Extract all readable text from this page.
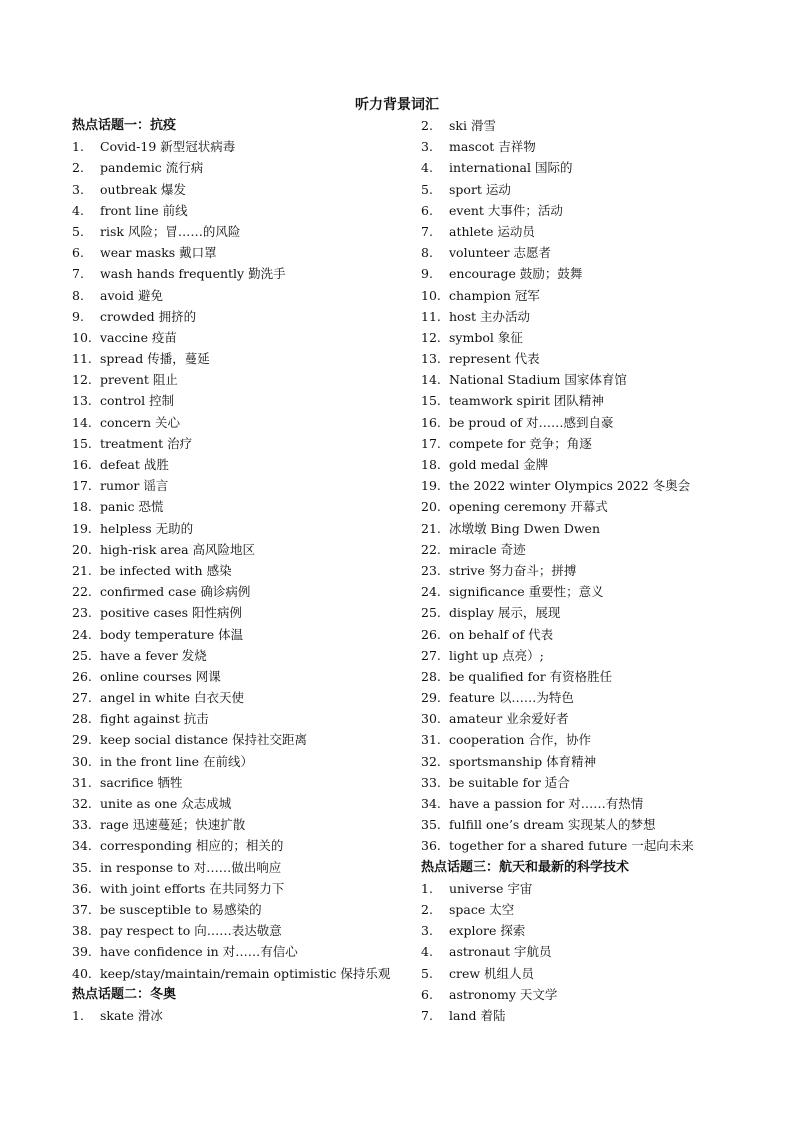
听力背景词汇
热点话题一：抗疫
1.	Covid-19 新型冠状病毒
2.	pandemic 流行病
3.	outbreak 爆发
4.	front line 前线
5.	risk 风险；冒……的风险
6.	wear masks 戴口罩
7.	wash hands frequently 勤洗手
8.	avoid 避免
9.	crowded 拥挤的
10. vaccine 疫苗
11. spread 传播，蔓延
12. prevent 阻止
13. control 控制
14. concern 关心
15. treatment 治疗
16. defeat 战胜
17. rumor 谣言
18. panic 恐慌
19. helpless 无助的
20. high-risk area 高风险地区
21. be infected with 感染
22. confirmed case 确诊病例
23. positive cases 阳性病例
24. body temperature 体温
25. have a fever 发烧
26. online courses 网课
27. angel in white 白衣天使
28. fight against 抗击
29. keep social distance 保持社交距离
30. in the front line 在前线）
31. sacrifice 牺牲
32. unite as one 众志成城
33. rage 迅速蔓延；快速扩散
34. corresponding 相应的；相关的
35. in response to 对……做出响应
36. with joint efforts 在共同努力下
37. be susceptible to 易感染的
38. pay respect to 向……表达敬意
39. have confidence in 对……有信心
40. keep/stay/maintain/remain optimistic 保持乐观
热点话题二：冬奥
1.	skate 滑冰
2.	ski 滑雪
3.	mascot 吉祥物
4.	international 国际的
5.	sport 运动
6.	event 大事件；活动
7.	athlete 运动员
8.	volunteer 志愿者
9.	encourage 鼓励；鼓舞
10. champion 冠军
11. host 主办活动
12. symbol 象征
13. represent 代表
14. National Stadium 国家体育馆
15. teamwork spirit 团队精神
16. be proud of 对……感到自豪
17. compete for 竞争；角逐
18. gold medal 金牌
19. the 2022 winter Olympics 2022 冬奥会
20. opening ceremony 开幕式
21. 冰墩墩 Bing Dwen Dwen
22. miracle 奇迹
23. strive 努力奋斗；拼搏
24. significance 重要性；意义
25. display 展示，展现
26. on behalf of 代表
27. light up 点亮）;
28. be qualified for 有资格胜任
29. feature 以……为特色
30. amateur 业余爱好者
31. cooperation 合作，协作
32. sportsmanship 体育精神
33. be suitable for 适合
34. have a passion for 对……有热情
35. fulfill one’s dream 实现某人的梦想
36. together for a shared future 一起向未来
热点话题三：航天和最新的科学技术
1.	universe 宇宙
2.	space 太空
3.	explore 探索
4.	astronaut 宇航员
5.	crew 机组人员
6.	astronomy 天文学
7.	land 着陆
